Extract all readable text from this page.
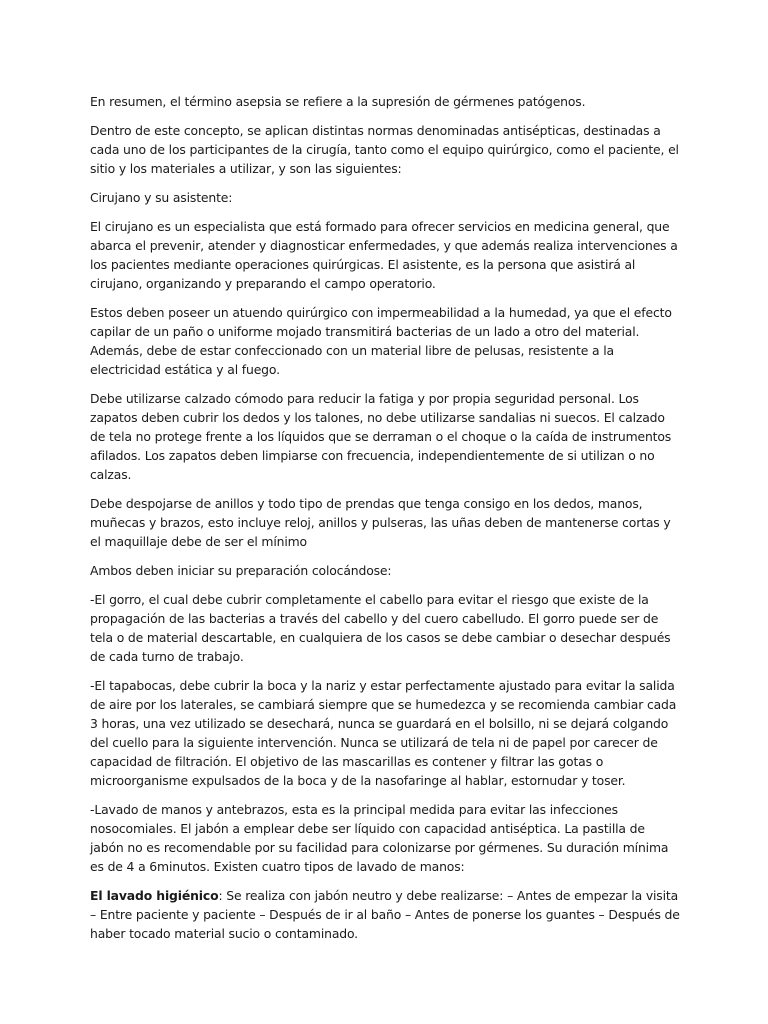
En resumen, el término asepsia se refiere a la supresión de gérmenes patógenos.

Dentro de este concepto, se aplican distintas normas denominadas antisépticas, destinadas a cada uno de los participantes de la cirugía, tanto como el equipo quirúrgico, como el paciente, el sitio y los materiales a utilizar, y son las siguientes:

Cirujano y su asistente:

El cirujano es un especialista que está formado para ofrecer servicios en medicina general, que abarca el prevenir, atender y diagnosticar enfermedades, y que además realiza intervenciones a los pacientes mediante operaciones quirúrgicas. El asistente, es la persona que asistirá al cirujano, organizando y preparando el campo operatorio.

Estos deben poseer un atuendo quirúrgico con impermeabilidad a la humedad, ya que el efecto capilar de un paño o uniforme mojado transmitirá bacterias de un lado a otro del material. Además, debe de estar confeccionado con un material libre de pelusas, resistente a la electricidad estática y al fuego.

Debe utilizarse calzado cómodo para reducir la fatiga y por propia seguridad personal. Los zapatos deben cubrir los dedos y los talones, no debe utilizarse sandalias ni suecos. El calzado de tela no protege frente a los líquidos que se derraman o el choque o la caída de instrumentos afilados. Los zapatos deben limpiarse con frecuencia, independientemente de si utilizan o no calzas.

Debe despojarse de anillos y todo tipo de prendas que tenga consigo en los dedos, manos, muñecas y brazos, esto incluye reloj, anillos y pulseras, las uñas deben de mantenerse cortas y el maquillaje debe de ser el mínimo

Ambos deben iniciar su preparación colocándose:

-El gorro, el cual debe cubrir completamente el cabello para evitar el riesgo que existe de la propagación de las bacterias a través del cabello y del cuero cabelludo. El gorro puede ser de tela o de material descartable, en cualquiera de los casos se debe cambiar o desechar después de cada turno de trabajo.

-El tapabocas, debe cubrir la boca y la nariz y estar perfectamente ajustado para evitar la salida de aire por los laterales, se cambiará siempre que se humedezca y se recomienda cambiar cada 3 horas, una vez utilizado se desechará, nunca se guardará en el bolsillo, ni se dejará colgando del cuello para la siguiente intervención. Nunca se utilizará de tela ni de papel por carecer de capacidad de filtración. El objetivo de las mascarillas es contener y filtrar las gotas o microorganisme expulsados de la boca y de la nasofaringe al hablar, estornudar y toser.

-Lavado de manos y antebrazos, esta es la principal medida para evitar las infecciones nosocomiales. El jabón a emplear debe ser líquido con capacidad antiséptica. La pastilla de jabón no es recomendable por su facilidad para colonizarse por gérmenes. Su duración mínima es de 4 a 6minutos. Existen cuatro tipos de lavado de manos:

El lavado higiénico: Se realiza con jabón neutro y debe realizarse: – Antes de empezar la visita – Entre paciente y paciente – Después de ir al baño – Antes de ponerse los guantes – Después de haber tocado material sucio o contaminado.
